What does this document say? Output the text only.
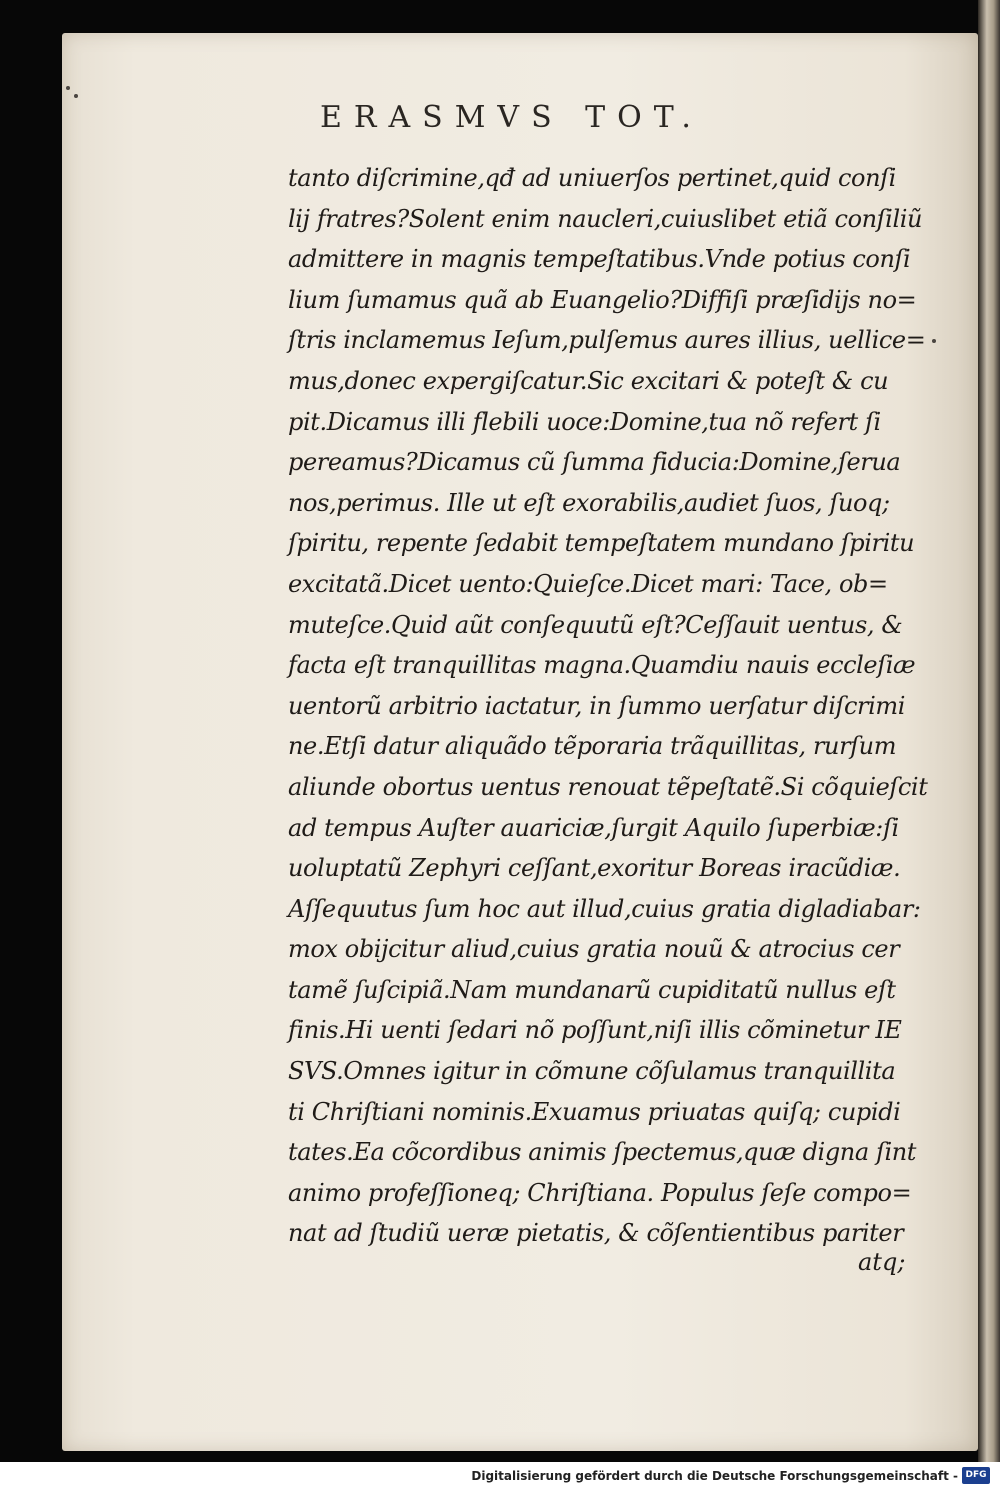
ERASMVS TOT.
tanto diſcrimine,qđ ad uniuerſos pertinet,quid conſi
lij fratres?Solent enim naucleri,cuiuslibet etiã conſiliũ
admittere in magnis tempeſtatibus.Vnde potius conſi
lium ſumamus quã ab Euangelio?Diffiſi præſidijs no=
ſtris inclamemus Ieſum,pulſemus aures illius, uellice=
mus,donec expergiſcatur.Sic excitari & poteſt & cu
pit.Dicamus illi flebili uoce:Domine,tua nõ refert ſi
pereamus?Dicamus cũ ſumma fiducia:Domine,ſerua
nos,perimus. Ille ut eſt exorabilis,audiet ſuos, ſuoq;
ſpiritu, repente ſedabit tempeſtatem mundano ſpiritu
excitatã.Dicet uento:Quieſce.Dicet mari: Tace, ob=
muteſce.Quid aũt conſequutũ eſt?Ceſſauit uentus, &
facta eſt tranquillitas magna.Quamdiu nauis eccleſiæ
uentorũ arbitrio iactatur, in ſummo uerſatur diſcrimi
ne.Etſi datur aliquãdo tẽporaria trãquillitas, rurſum
aliunde obortus uentus renouat tẽpeſtatẽ.Si cõquieſcit
ad tempus Auſter auariciæ,ſurgit Aquilo ſuperbiæ:ſi
uoluptatũ Zephyri ceſſant,exoritur Boreas iracũdiæ.
Aſſequutus ſum hoc aut illud,cuius gratia digladiabar:
mox obijcitur aliud,cuius gratia nouũ & atrocius cer
tamẽ ſuſcipiã.Nam mundanarũ cupiditatũ nullus eſt
finis.Hi uenti ſedari nõ poſſunt,niſi illis cõminetur IE
SVS.Omnes igitur in cõmune cõſulamus tranquillita
ti Chriſtiani nominis.Exuamus priuatas quiſq; cupidi
tates.Ea cõcordibus animis ſpectemus,quæ digna ſint
animo profeſſioneq; Chriſtiana. Populus ſeſe compo=
nat ad ſtudiũ ueræ pietatis, & cõſentientibus pariter
atq;
Digitalisierung gefördert durch die Deutsche Forschungsgemeinschaft - DFG
